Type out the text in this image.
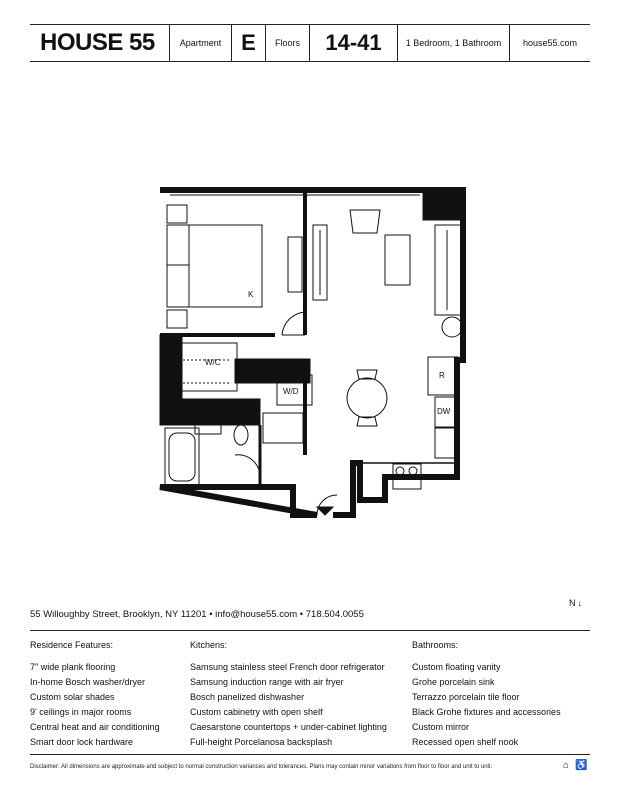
HOUSE 55	Apartment E	Floors	14-41	1 Bedroom, 1 Bathroom	house55.com
K
W/C
W/D
R
DW
55 Willoughby Street, Brooklyn, NY 11201 • info@house55.com • 718.504.0055
N ↓
Residence Features:
7" wide plank flooring
In-home Bosch washer/dryer
Custom solar shades
9' ceilings in major rooms
Central heat and air conditioning
Smart door lock hardware
Kitchens:
Samsung stainless steel French door refrigerator
Samsung induction range with air fryer
Bosch panelized dishwasher
Custom cabinetry with open shelf
Caesarstone countertops + under-cabinet lighting
Full-height Porcelanosa backsplash
Bathrooms:
Custom floating vanity
Grohe porcelain sink
Terrazzo porcelain tile floor
Black Grohe fixtures and accessories
Custom mirror
Recessed open shelf nook
Disclaimer: All dimensions are approximate and subject to normal construction variances and tolerances. Plans may contain minor variations from floor to floor and unit to unit.	⌂ ♿
